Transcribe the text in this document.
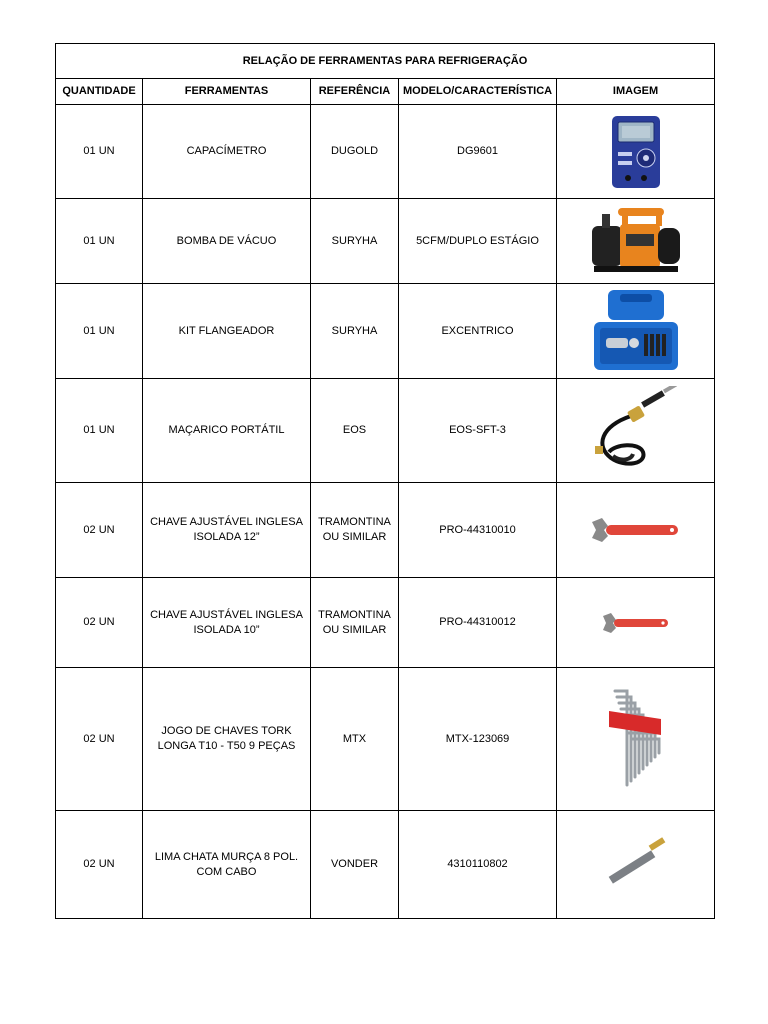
RELAÇÃO DE FERRAMENTAS PARA REFRIGERAÇÃO				
QUANTIDADE	FERRAMENTAS	REFERÊNCIA	MODELO/CARACTERÍSTICA	IMAGEM
01 UN	CAPACÍMETRO	DUGOLD	DG9601	

01 UN	BOMBA DE VÁCUO	SURYHA	5CFM/DUPLO ESTÁGIO	

01 UN	KIT FLANGEADOR	SURYHA	EXCENTRICO	

01 UN	MAÇARICO PORTÁTIL	EOS	EOS-SFT-3	

02 UN	CHAVE AJUSTÁVEL INGLESA ISOLADA 12”	TRAMONTINA OU SIMILAR	PRO-44310010	

02 UN	CHAVE AJUSTÁVEL INGLESA ISOLADA 10”	TRAMONTINA OU SIMILAR	PRO-44310012	

02 UN	JOGO DE CHAVES TORK LONGA T10 - T50 9 PEÇAS	MTX	MTX-123069	

02 UN	LIMA CHATA MURÇA 8 POL. COM CABO	VONDER	4310110802	
